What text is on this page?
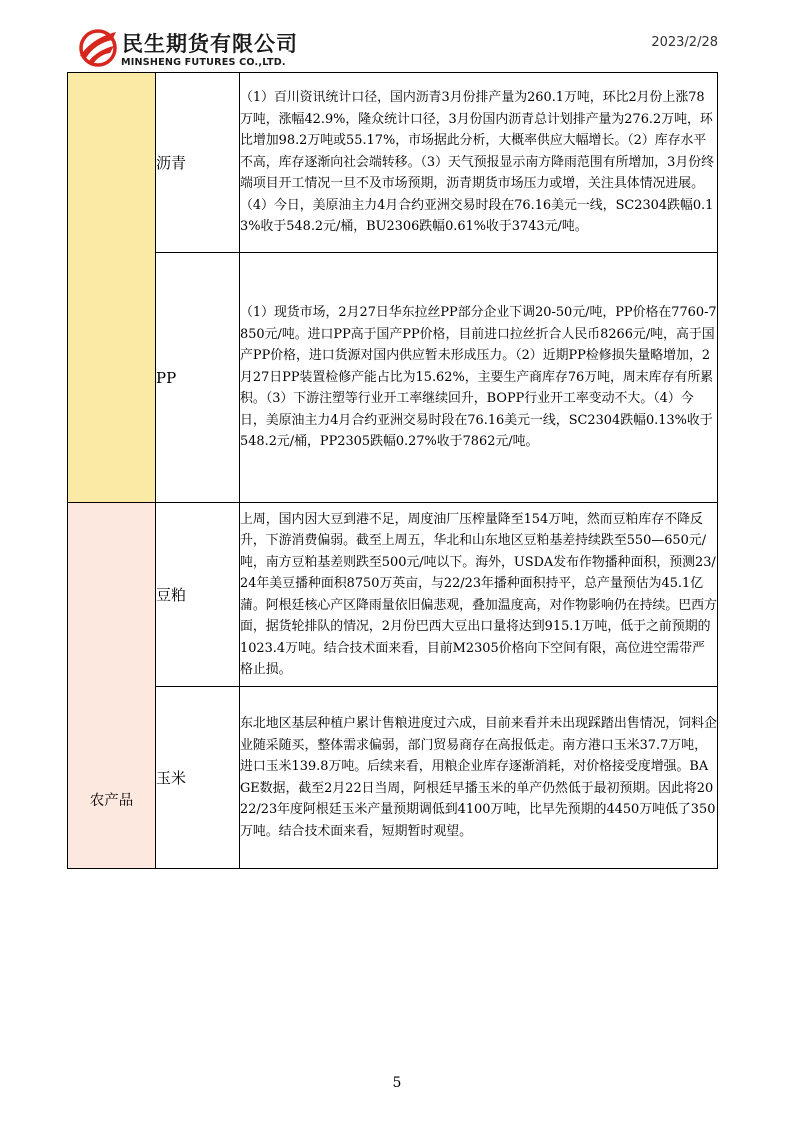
民生期货有限公司
MINSHENG FUTURES CO.,LTD.
2023/2/28
	沥青	（1）百川资讯统计口径，国内沥青3月份排产量为260.1万吨，环比2月份上涨78万吨，涨幅42.9%，隆众统计口径，3月份国内沥青总计划排产量为276.2万吨，环比增加98.2万吨或55.17%，市场据此分析，大概率供应大幅增长。（2）库存水平不高，库存逐渐向社会端转移。（3）天气预报显示南方降雨范围有所增加，3月份终端项目开工情况一旦不及市场预期，沥青期货市场压力或增，关注具体情况进展。（4）今日，美原油主力4月合约亚洲交易时段在76.16美元一线，SC2304跌幅0.13%收于548.2元/桶，BU2306跌幅0.61%收于3743元/吨。

	PP	（1）现货市场，2月27日华东拉丝PP部分企业下调20-50元/吨，PP价格在7760-7850元/吨。进口PP高于国产PP价格，目前进口拉丝折合人民币8266元/吨，高于国产PP价格，进口货源对国内供应暂未形成压力。（2）近期PP检修损失量略增加，2月27日PP装置检修产能占比为15.62%，主要生产商库存76万吨，周末库存有所累积。（3）下游注塑等行业开工率继续回升，BOPP行业开工率变动不大。（4）今日，美原油主力4月合约亚洲交易时段在76.16美元一线，SC2304跌幅0.13%收于548.2元/桶，PP2305跌幅0.27%收于7862元/吨。

农产品	豆粕	上周，国内因大豆到港不足，周度油厂压榨量降至154万吨，然而豆粕库存不降反升，下游消费偏弱。截至上周五，华北和山东地区豆粕基差持续跌至550—650元/吨，南方豆粕基差则跌至500元/吨以下。海外，USDA发布作物播种面积，预测23/24年美豆播种面积8750万英亩，与22/23年播种面积持平，总产量预估为45.1亿蒲。阿根廷核心产区降雨量依旧偏悲观，叠加温度高，对作物影响仍在持续。巴西方面，据货轮排队的情况，2月份巴西大豆出口量将达到915.1万吨，低于之前预期的1023.4万吨。结合技术面来看，目前M2305价格向下空间有限，高位进空需带严格止损。

	玉米	东北地区基层种植户累计售粮进度过六成，目前来看并未出现踩踏出售情况，饲料企业随采随买，整体需求偏弱，部门贸易商存在高报低走。南方港口玉米37.7万吨，进口玉米139.8万吨。后续来看，用粮企业库存逐渐消耗，对价格接受度增强。BAGE数据，截至2月22日当周，阿根廷早播玉米的单产仍然低于最初预期。因此将2022/23年度阿根廷玉米产量预期调低到4100万吨，比早先预期的4450万吨低了350万吨。结合技术面来看，短期暂时观望。

5
